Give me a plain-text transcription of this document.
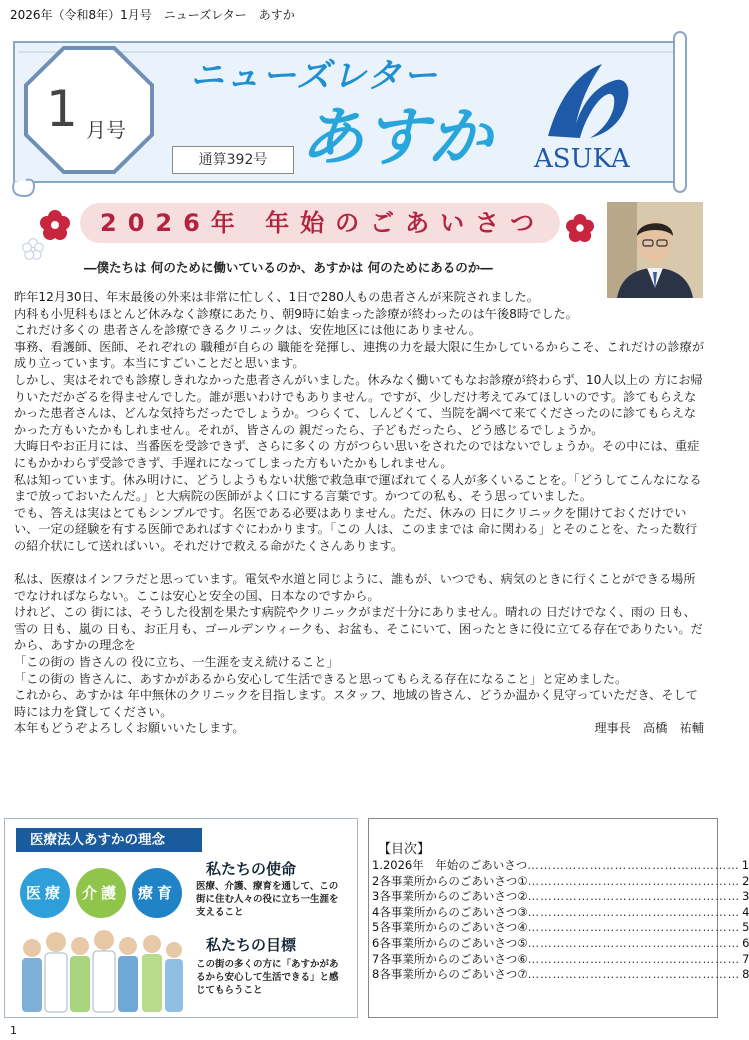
2026年（令和8年）1月号　ニューズレター　あすか
1 月号
ニューズレター
あすか
通算392号	ASUKA
2026年 年始のごあいさつ
―僕たちは 何のために働いているのか、あすかは 何のためにあるのか―

昨年12月30日、年末最後の外来は非常に忙しく、1日で280人もの患者さんが来院されました。

内科も小児科もほとんど休みなく診療にあたり、朝9時に始まった診療が終わったのは午後8時でした。

これだけ多くの 患者さんを診療できるクリニックは、安佐地区には他にありません。

事務、看護師、医師、それぞれの 職種が自らの 職能を発揮し、連携の力を最大限に生かしているからこそ、これだけの診療が成り立っています。本当にすごいことだと思います。

しかし、実はそれでも診療しきれなかった患者さんがいました。休みなく働いてもなお診療が終わらず、10人以上の 方にお帰りいただかざるを得ませんでした。誰が悪いわけでもありません。ですが、少しだけ考えてみてほしいのです。診てもらえなかった患者さんは、どんな気持ちだったでしょうか。つらくて、しんどくて、当院を調べて来てくださったのに診てもらえなかった方もいたかもしれません。それが、皆さんの 親だったら、子どもだったら、どう感じるでしょうか。

大晦日やお正月には、当番医を受診できず、さらに多くの 方がつらい思いをされたのではないでしょうか。その中には、重症にもかかわらず受診できず、手遅れになってしまった方もいたかもしれません。

私は知っています。休み明けに、どうしようもない状態で救急車で運ばれてくる人が多くいることを。「どうしてこんなになるまで放っておいたんだ。」と大病院の医師がよく口にする言葉です。かつての私も、そう思っていました。

でも、答えは実はとてもシンプルです。名医である必要はありません。ただ、休みの 日にクリニックを開けておくだけでいい、一定の経験を有する医師であればすぐにわかります。「この 人は、このままでは 命に関わる」とそのことを、たった数行の紹介状にして送ればいい。それだけで救える命がたくさんあります。

私は、医療はインフラだと思っています。電気や水道と同じように、誰もが、いつでも、病気のときに行くことができる場所でなければならない。ここは安心と安全の国、日本なのですから。

けれど、この 街には、そうした役割を果たす病院やクリニックがまだ十分にありません。晴れの 日だけでなく、雨の 日も、雪の 日も、嵐の 日も、お正月も、ゴールデンウィークも、お盆も、そこにいて、困ったときに役に立てる存在でありたい。だから、あすかの理念を

「この街の 皆さんの 役に立ち、一生涯を支え続けること」

「この街の 皆さんに、あすかがあるから安心して生活できると思ってもらえる存在になること」と定めました。

これから、あすかは 年中無休のクリニックを目指します。スタッフ、地域の皆さん、どうか温かく見守っていただき、そして時には力を貸してください。

本年もどうぞよろしくお願いいたします。	理事長　高橋　祐輔

医療法人あすかの理念
医療	介護	療育
私たちの使命
医療、介護、療育を通して、この街に住む人々の役に立ち一生涯を支えること
私たちの目標
この街の多くの方に「あすかがあるから安心して生活できる」と感じてもらうこと
【目次】
1.2026年　年始のごあいさつ …………………………………………… 1
2各事業所からのごあいさつ① …………………………………………… 2
3各事業所からのごあいさつ② …………………………………………… 3
4各事業所からのごあいさつ③ …………………………………………… 4
5各事業所からのごあいさつ④ …………………………………………… 5
6各事業所からのごあいさつ⑤ …………………………………………… 6
7各事業所からのごあいさつ⑥ …………………………………………… 7
8各事業所からのごあいさつ⑦ …………………………………………… 8
1
